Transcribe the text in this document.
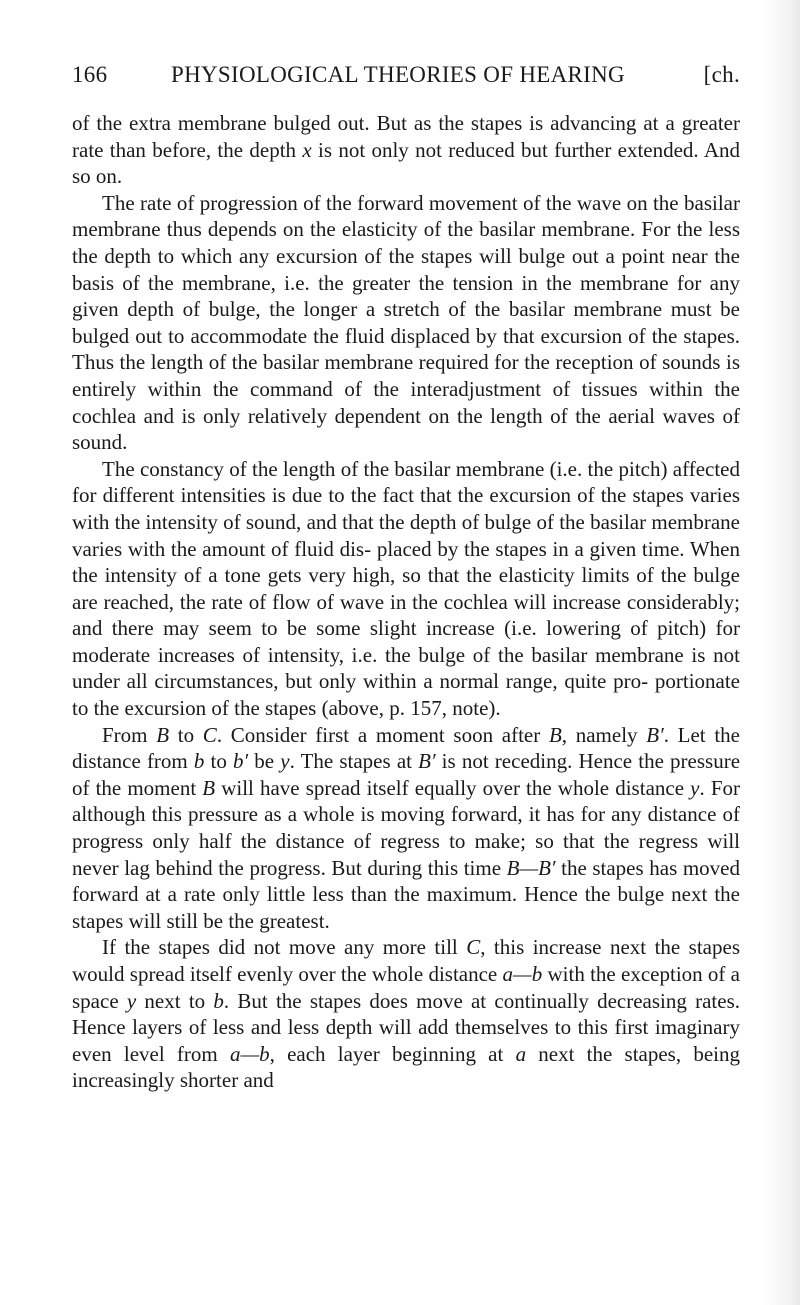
166	PHYSIOLOGICAL THEORIES OF HEARING	[ch.

of the extra membrane bulged out. But as the stapes is advancing at a greater rate than before, the depth x is not only not reduced but further extended. And so on.

The rate of progression of the forward movement of the wave on the basilar membrane thus depends on the elasticity of the basilar membrane. For the less the depth to which any excursion of the stapes will bulge out a point near the basis of the membrane, i.e. the greater the tension in the membrane for any given depth of bulge, the longer a stretch of the basilar membrane must be bulged out to accommodate the fluid displaced by that excursion of the stapes. Thus the length of the basilar membrane required for the reception of sounds is entirely within the command of the interadjustment of tissues within the cochlea and is only relatively dependent on the length of the aerial waves of sound.

The constancy of the length of the basilar membrane (i.e. the pitch) affected for different intensities is due to the fact that the excursion of the stapes varies with the intensity of sound, and that the depth of bulge of the basilar membrane varies with the amount of fluid dis- placed by the stapes in a given time. When the intensity of a tone gets very high, so that the elasticity limits of the bulge are reached, the rate of flow of wave in the cochlea will increase considerably; and there may seem to be some slight increase (i.e. lowering of pitch) for moderate increases of intensity, i.e. the bulge of the basilar membrane is not under all circumstances, but only within a normal range, quite pro- portionate to the excursion of the stapes (above, p. 157, note).

From B to C. Consider first a moment soon after B, namely B′. Let the distance from b to b′ be y. The stapes at B′ is not receding. Hence the pressure of the moment B will have spread itself equally over the whole distance y. For although this pressure as a whole is moving forward, it has for any distance of progress only half the distance of regress to make; so that the regress will never lag behind the progress. But during this time B—B′ the stapes has moved forward at a rate only little less than the maximum. Hence the bulge next the stapes will still be the greatest.

If the stapes did not move any more till C, this increase next the stapes would spread itself evenly over the whole distance a—b with the exception of a space y next to b. But the stapes does move at continually decreasing rates. Hence layers of less and less depth will add themselves to this first imaginary even level from a—b, each layer beginning at a next the stapes, being increasingly shorter and
